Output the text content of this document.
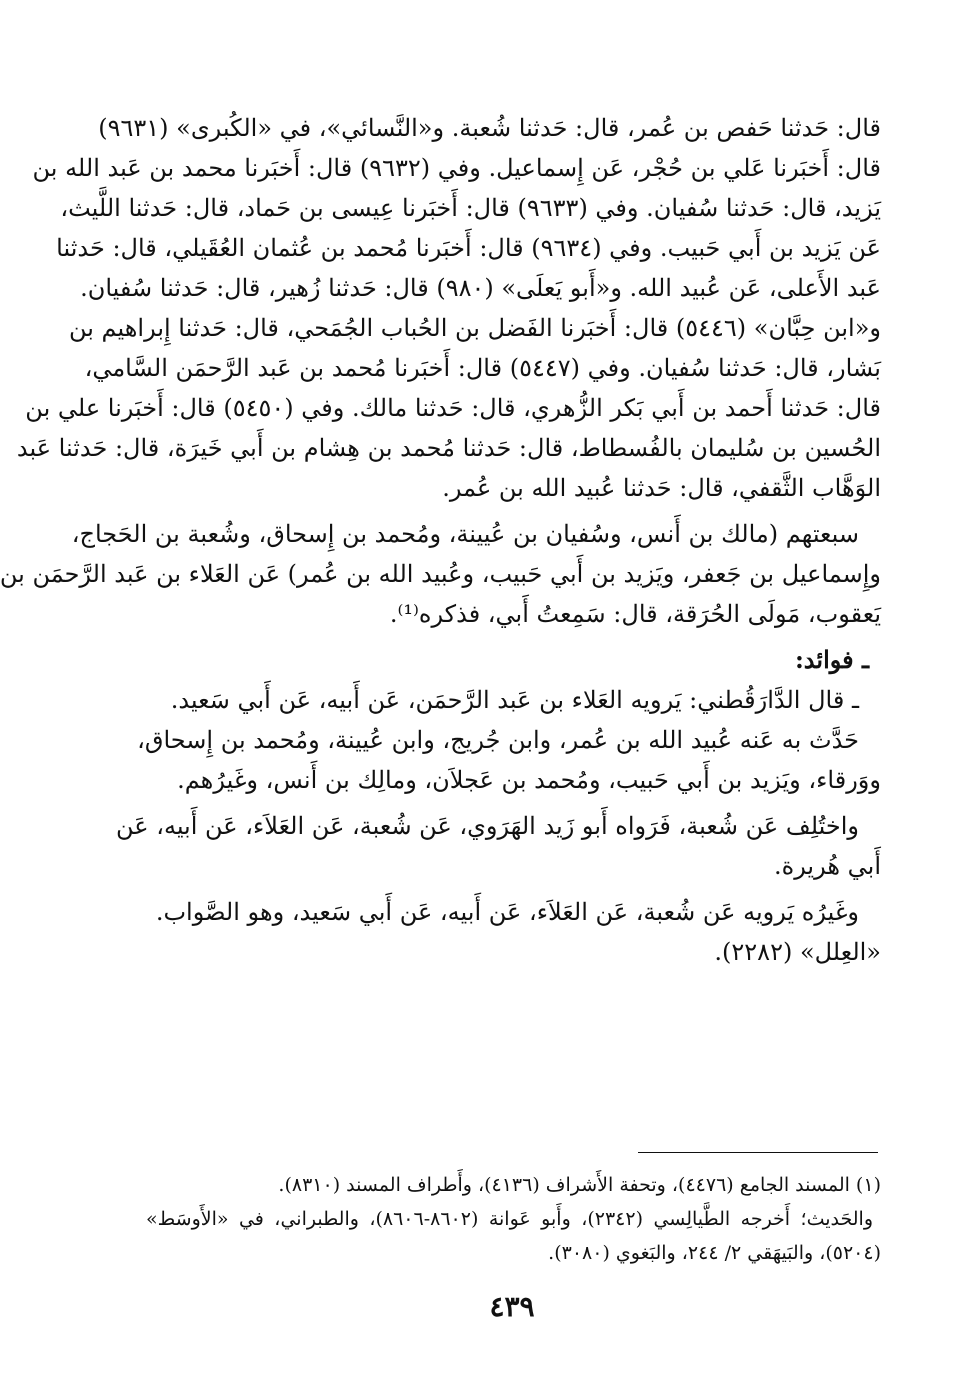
قال: حَدثنا حَفص بن عُمر، قال: حَدثنا شُعبة. و«النَّسائي»، في «الكُبرى» (٩٦٣١)
قال: أَخبَرنا عَلي بن حُجْر، عَن إِسماعيل. وفي (٩٦٣٢) قال: أَخبَرنا محمد بن عَبد الله بن
يَزيد، قال: حَدثنا سُفيان. وفي (٩٦٣٣) قال: أَخبَرنا عِيسى بن حَماد، قال: حَدثنا اللَّيث،
عَن يَزيد بن أَبي حَبيب. وفي (٩٦٣٤) قال: أَخبَرنا مُحمد بن عُثمان العُقَيلي، قال: حَدثنا
عَبد الأَعلى، عَن عُبيد الله. و«أَبو يَعلَى» (٩٨٠) قال: حَدثنا زُهير، قال: حَدثنا سُفيان.
و«ابن حِبَّان» (٥٤٤٦) قال: أَخبَرنا الفَضل بن الحُباب الجُمَحي، قال: حَدثنا إِبراهيم بن
بَشار، قال: حَدثنا سُفيان. وفي (٥٤٤٧) قال: أَخبَرنا مُحمد بن عَبد الرَّحمَن السَّامي،
قال: حَدثنا أَحمد بن أَبي بَكر الزُّهري، قال: حَدثنا مالك. وفي (٥٤٥٠) قال: أَخبَرنا علي بن
الحُسين بن سُليمان بالفُسطاط، قال: حَدثنا مُحمد بن هِشام بن أَبي خَيرَة، قال: حَدثنا عَبد
الوَهَّاب الثَّقفي، قال: حَدثنا عُبيد الله بن عُمر.
سبعتهم (مالك بن أَنس، وسُفيان بن عُيينة، ومُحمد بن إِسحاق، وشُعبة بن الحَجاج،
وإِسماعيل بن جَعفر، ويَزيد بن أَبي حَبيب، وعُبيد الله بن عُمر) عَن العَلاء بن عَبد الرَّحمَن بن
يَعقوب، مَولَى الحُرَقة، قال: سَمِعتُ أَبي، فذكره⁽¹⁾.
ـ فوائد:
ـ قال الدَّارَقُطني: يَرويه العَلاء بن عَبد الرَّحمَن، عَن أَبيه، عَن أَبي سَعيد.
حَدَّث به عَنه عُبيد الله بن عُمر، وابن جُريج، وابن عُيينة، ومُحمد بن إِسحاق،
ووَرقاء، ويَزيد بن أَبي حَبيب، ومُحمد بن عَجلاَن، ومالِك بن أَنس، وغَيرُهم.
واختُلِف عَن شُعبة، فَرَواه أَبو زَيد الهَرَوي، عَن شُعبة، عَن العَلاَء، عَن أَبيه، عَن
أَبي هُريرة.
وغَيرُه يَرويه عَن شُعبة، عَن العَلاَء، عَن أَبيه، عَن أَبي سَعيد، وهو الصَّواب.
«العِلل» (٢٢٨٢).
(١) المسند الجامع (٤٤٧٦)، وتحفة الأَشراف (٤١٣٦)، وأَطراف المسند (٨٣١٠).
والحَديث؛ أَخرجه الطَّيالِسي (٢٣٤٢)، وأَبو عَوانة (٨٦٠٢-٨٦٠٦)، والطبراني، في «الأَوسَط»
(٥٢٠٤)، والبَيهَقي ٢/ ٢٤٤، والبَغوي (٣٠٨٠).
٤٣٩
